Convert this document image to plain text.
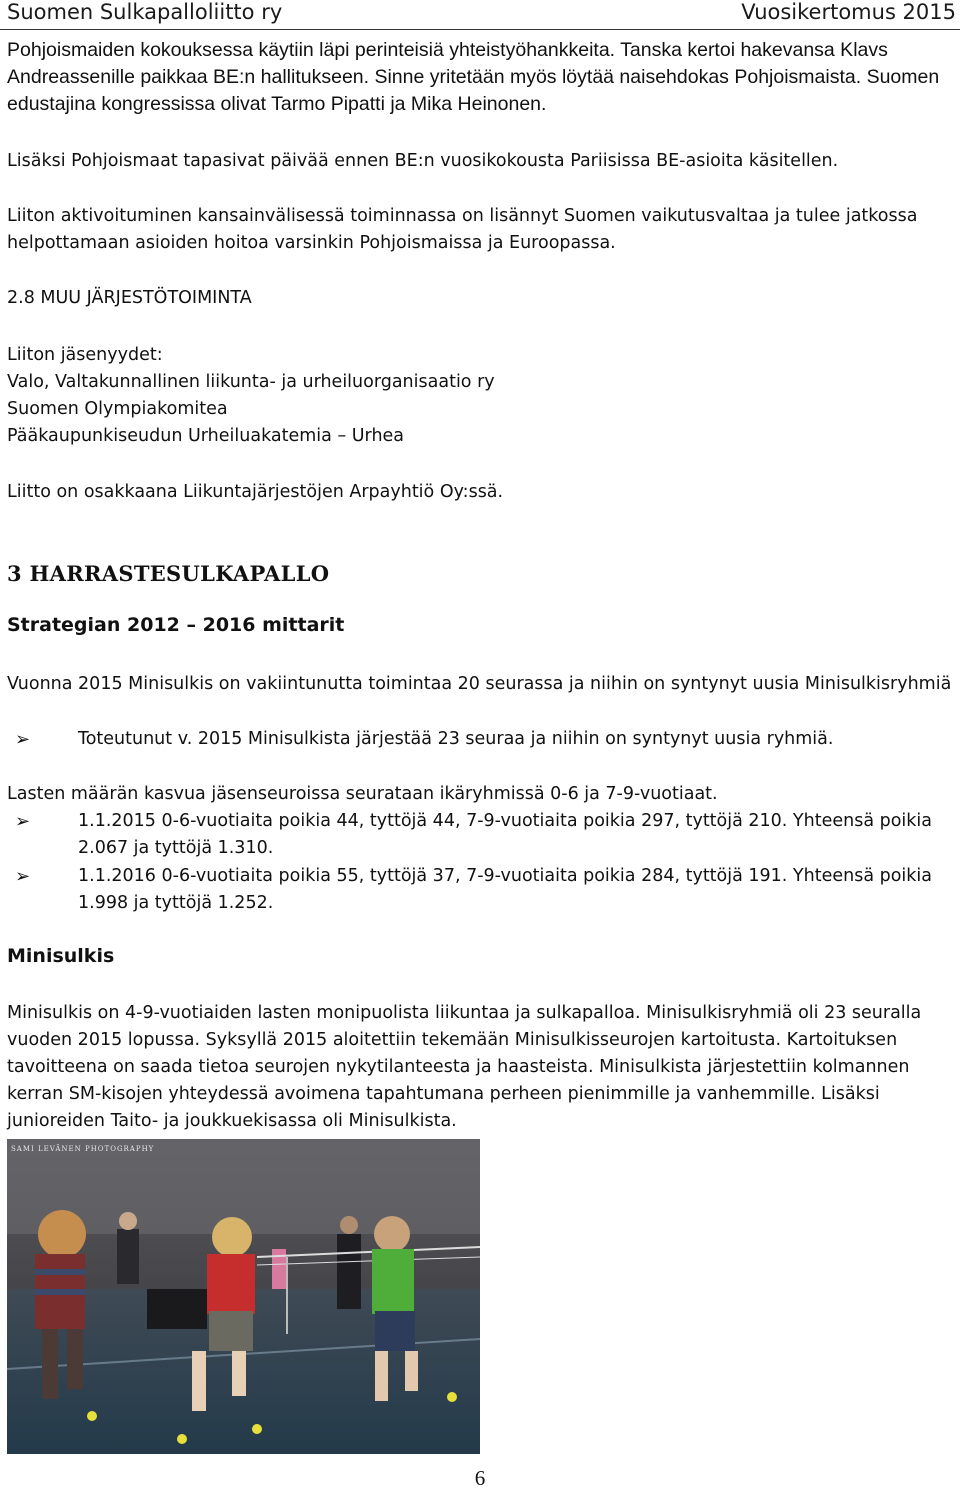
Suomen Sulkapalloliitto ry	Vuosikertomus 2015

Pohjoismaiden kokouksessa käytiin läpi perinteisiä yhteistyöhankkeita. Tanska kertoi hakevansa Klavs Andreassenille paikkaa BE:n hallitukseen. Sinne yritetään myös löytää naisehdokas Pohjoismaista. Suomen edustajina kongressissa olivat Tarmo Pipatti ja Mika Heinonen.

Lisäksi Pohjoismaat tapasivat päivää ennen BE:n vuosikokousta Pariisissa BE-asioita käsitellen.

Liiton aktivoituminen kansainvälisessä toiminnassa on lisännyt Suomen vaikutusvaltaa ja tulee jatkossa helpottamaan asioiden hoitoa varsinkin Pohjoismaissa ja Euroopassa.

2.8 MUU JÄRJESTÖTOIMINTA
Liiton jäsenyydet:
Valo, Valtakunnallinen liikunta- ja urheiluorganisaatio ry
Suomen Olympiakomitea
Pääkaupunkiseudun Urheiluakatemia – Urhea
Liitto on osakkaana Liikuntajärjestöjen Arpayhtiö Oy:ssä.
3 HARRASTESULKAPALLO
Strategian 2012 – 2016 mittarit

Vuonna 2015 Minisulkis on vakiintunutta toimintaa 20 seurassa ja niihin on syntynyt uusia Minisulkisryhmiä

➢	Toteutunut v. 2015 Minisulkista järjestää 23 seuraa ja niihin on syntynyt uusia ryhmiä.

Lasten määrän kasvua jäsenseuroissa seurataan ikäryhmissä 0-6 ja 7-9-vuotiaat.

➢	1.1.2015 0-6-vuotiaita poikia 44, tyttöjä 44, 7-9-vuotiaita poikia 297, tyttöjä 210. Yhteensä poikia 2.067 ja tyttöjä 1.310.

➢	1.1.2016 0-6-vuotiaita poikia 55, tyttöjä 37, 7-9-vuotiaita poikia 284, tyttöjä 191. Yhteensä poikia 1.998 ja tyttöjä 1.252.

Minisulkis

Minisulkis on 4-9-vuotiaiden lasten monipuolista liikuntaa ja sulkapalloa. Minisulkisryhmiä oli 23 seuralla vuoden 2015 lopussa. Syksyllä 2015 aloitettiin tekemään Minisulkisseurojen kartoitusta. Kartoituksen tavoitteena on saada tietoa seurojen nykytilanteesta ja haasteista. Minisulkista järjestettiin kolmannen kerran SM-kisojen yhteydessä avoimena tapahtumana perheen pienimmille ja vanhemmille. Lisäksi junioreiden Taito- ja joukkuekisassa oli Minisulkista.

SAMI LEVÄNEN PHOTOGRAPHY
6
